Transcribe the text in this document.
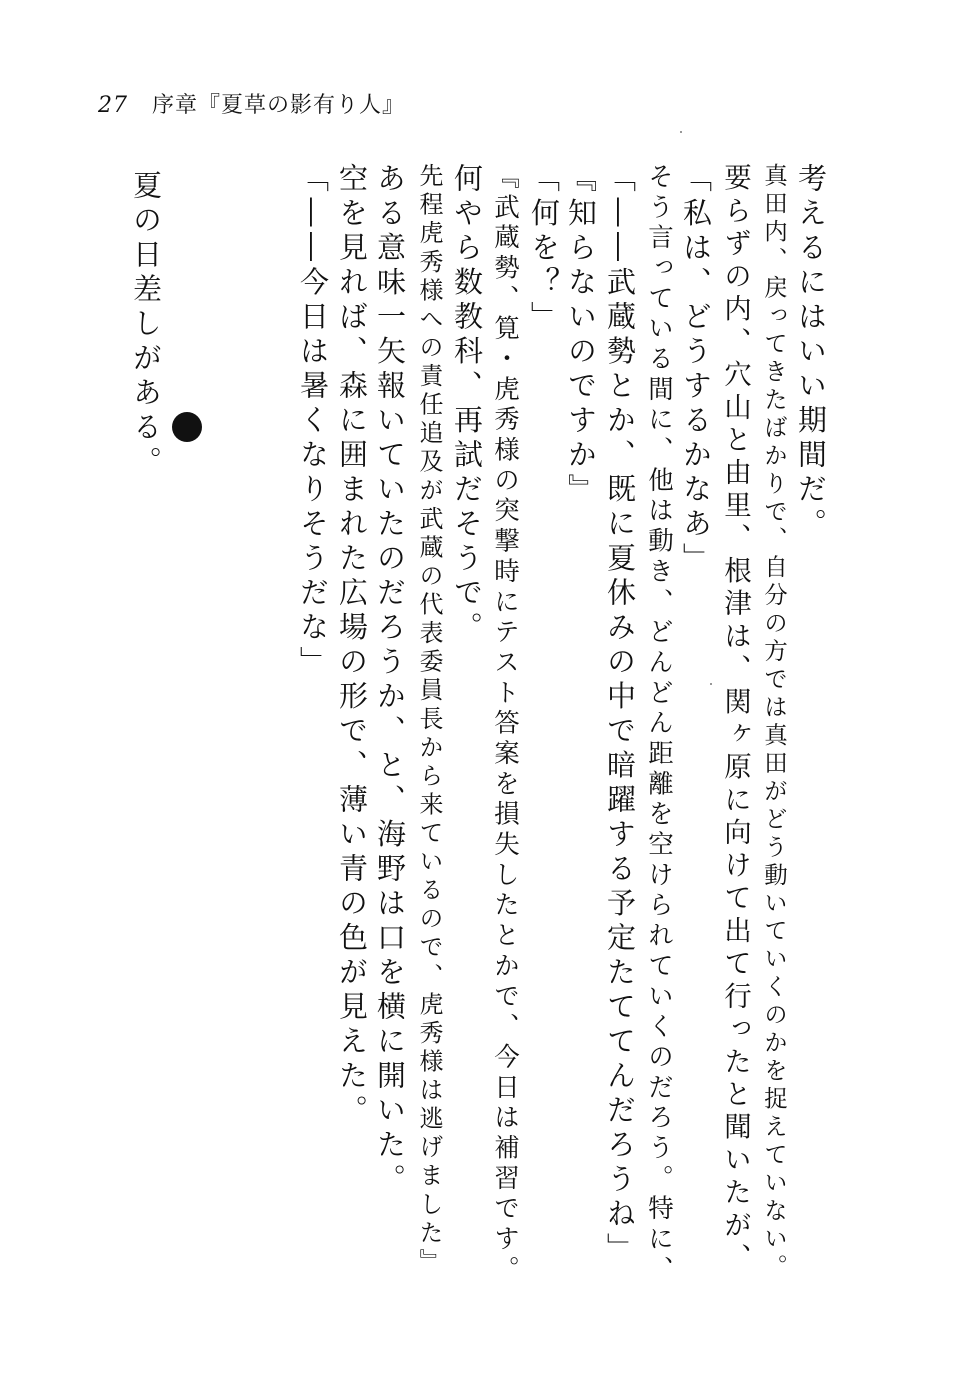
27 序章『夏草の影有り人』
考えるにはいい期間だ。
真田内、戻ってきたばかりで、自分の方では真田がどう動いていくのかを捉えていない。
要らずの内、穴山と由里、根津は、関ヶ原に向けて出て行ったと聞いたが、
「私は、どうするかなあ」
そう言っている間に、他は動き、どんどん距離を空けられていくのだろう。特に、
「――武蔵勢とか、既に夏休みの中で暗躍する予定たててんだろうね」
『知らないのですか』
「何を？」
『武蔵勢、筧・虎秀様の突撃時にテスト答案を損失したとかで、今日は補習です。
何やら数教科、再試だそうで。
先程虎秀様への責任追及が武蔵の代表委員長から来ているので、虎秀様は逃げました』
ある意味一矢報いていたのだろうか、と、海野は口を横に開いた。
空を見れば、森に囲まれた広場の形で、薄い青の色が見えた。
「――今日は暑くなりそうだな」
夏の日差しがある。
